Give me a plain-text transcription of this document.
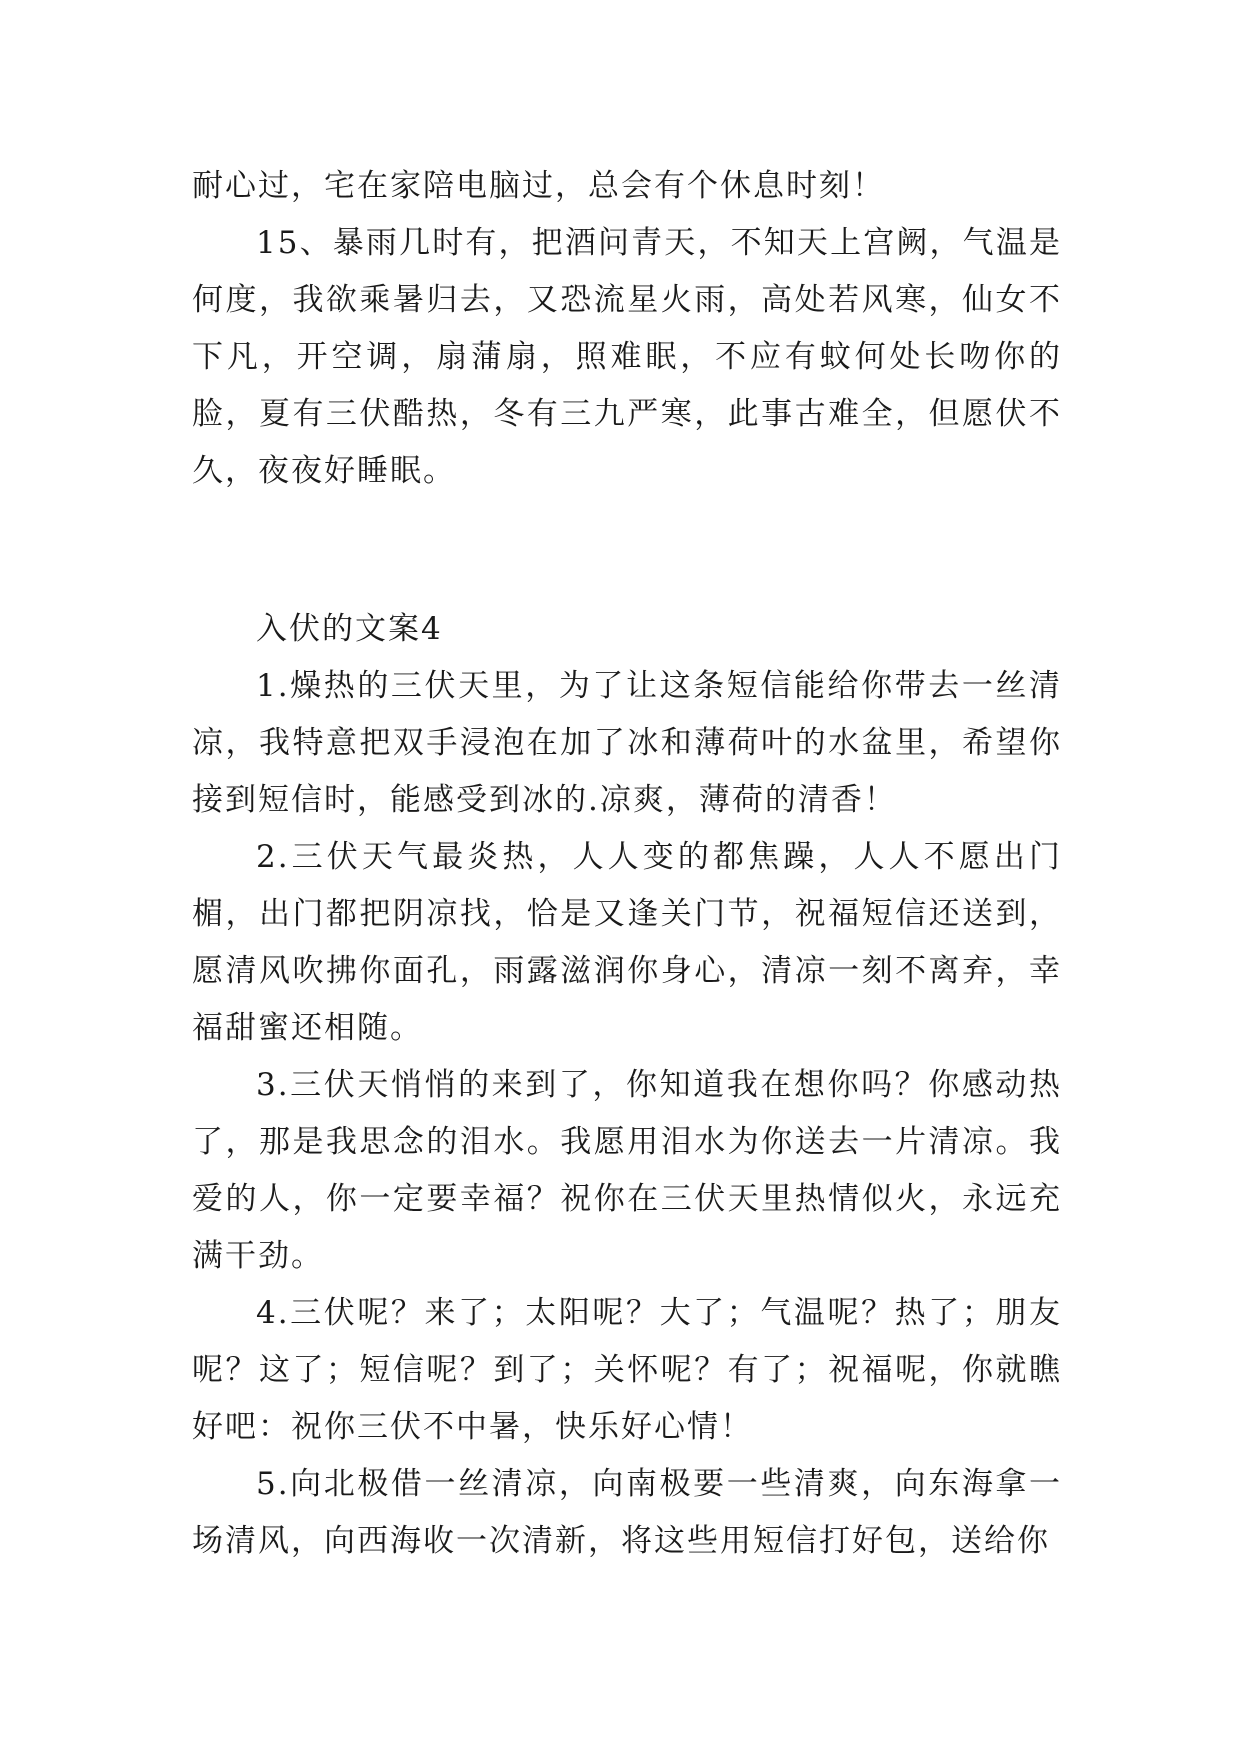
耐心过，宅在家陪电脑过，总会有个休息时刻！

15、暴雨几时有，把酒问青天，不知天上宫阙，气温是何度，我欲乘暑归去，又恐流星火雨，高处若风寒，仙女不下凡，开空调，扇蒲扇，照难眠，不应有蚊何处长吻你的脸，夏有三伏酷热，冬有三九严寒，此事古难全，但愿伏不久，夜夜好睡眠。

入伏的文案4

1.燥热的三伏天里，为了让这条短信能给你带去一丝清凉，我特意把双手浸泡在加了冰和薄荷叶的水盆里，希望你接到短信时，能感受到冰的.凉爽，薄荷的清香！

2.三伏天气最炎热，人人变的都焦躁，人人不愿出门楣，出门都把阴凉找，恰是又逢关门节，祝福短信还送到，愿清风吹拂你面孔，雨露滋润你身心，清凉一刻不离弃，幸福甜蜜还相随。

3.三伏天悄悄的来到了，你知道我在想你吗？你感动热了，那是我思念的泪水。我愿用泪水为你送去一片清凉。我爱的人，你一定要幸福？祝你在三伏天里热情似火，永远充满干劲。

4.三伏呢？来了；太阳呢？大了；气温呢？热了；朋友呢？这了；短信呢？到了；关怀呢？有了；祝福呢，你就瞧好吧：祝你三伏不中暑，快乐好心情！

5.向北极借一丝清凉，向南极要一些清爽，向东海拿一场清风，向西海收一次清新，将这些用短信打好包，送给你
